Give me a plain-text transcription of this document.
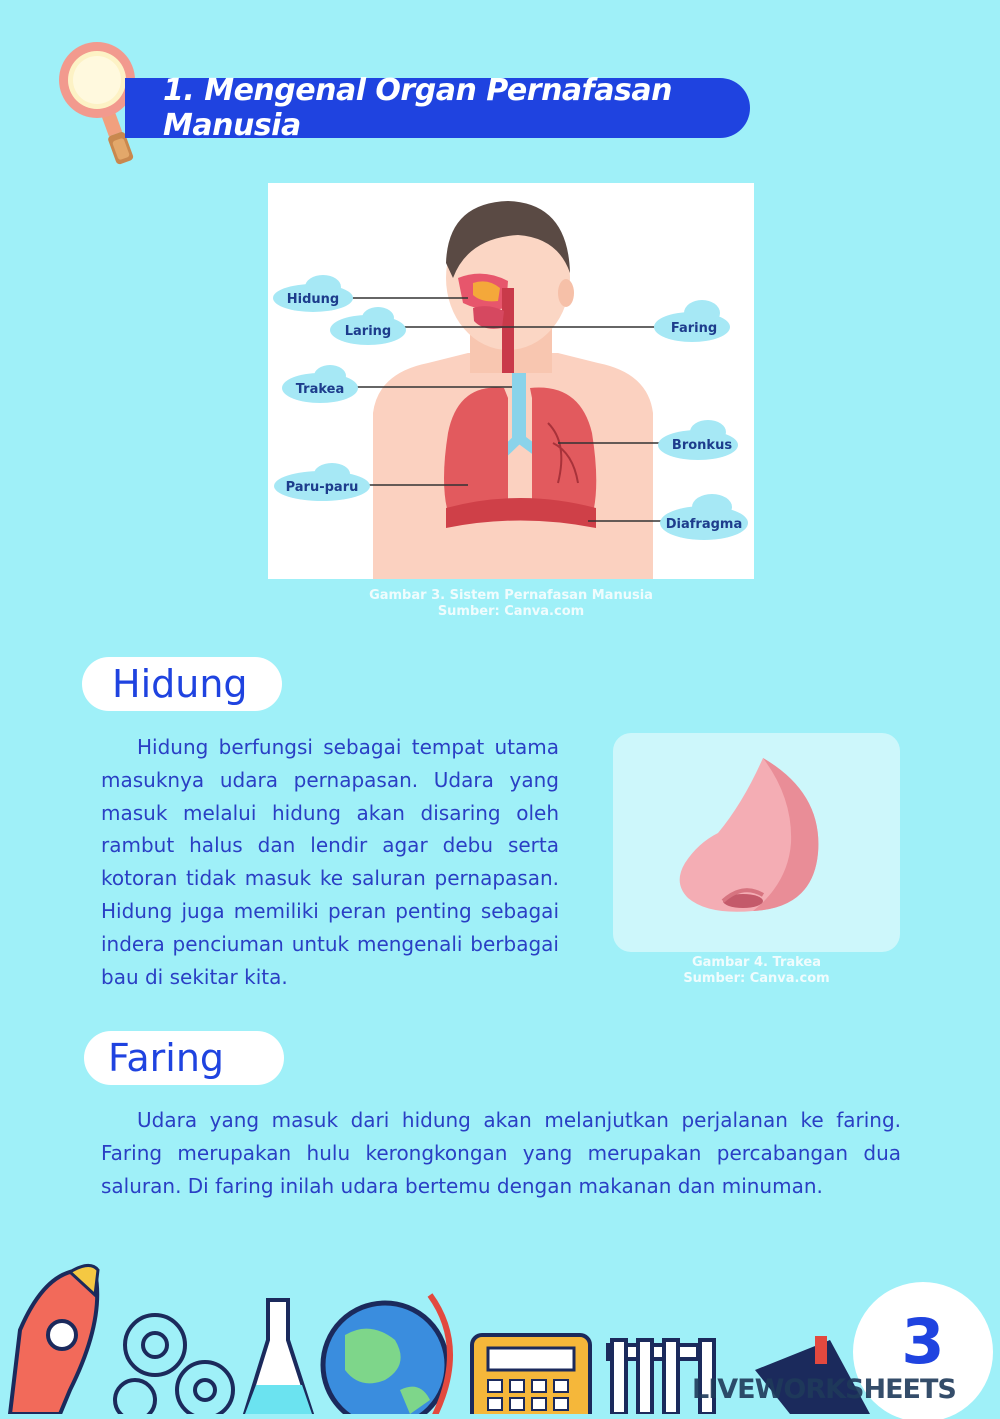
1. Mengenal Organ Pernafasan Manusia
Hidung
Laring
Trakea
Paru-paru
Faring
Bronkus
Diafragma
Gambar 3. Sistem Pernafasan Manusia
Sumber: Canva.com
Hidung

Hidung berfungsi sebagai tempat utama masuknya udara pernapasan. Udara yang masuk melalui hidung akan disaring oleh rambut halus dan lendir agar debu serta kotoran tidak masuk ke saluran pernapasan. Hidung juga memiliki peran penting sebagai indera penciuman untuk mengenali berbagai bau di sekitar kita.

Gambar 4. Trakea
Sumber: Canva.com
Faring

Udara yang masuk dari hidung akan melanjutkan perjalanan ke faring. Faring merupakan hulu kerongkongan yang merupakan percabangan dua saluran. Di faring inilah udara bertemu dengan makanan dan minuman.

3
LIVEWORKSHEETS
